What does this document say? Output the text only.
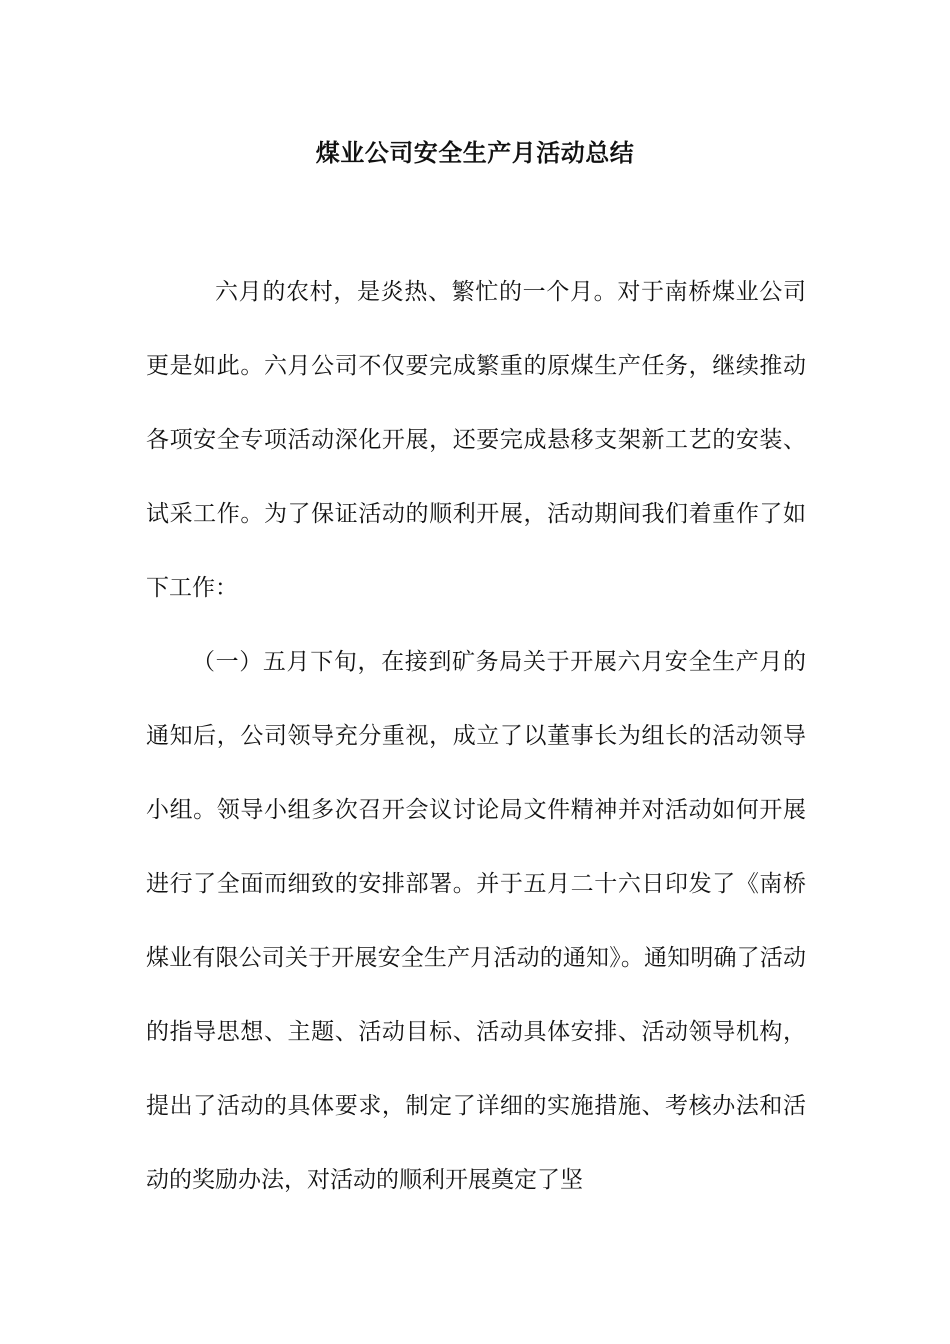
煤业公司安全生产月活动总结

六月的农村，是炎热、繁忙的一个月。对于南桥煤业公司更是如此。六月公司不仅要完成繁重的原煤生产任务，继续推动各项安全专项活动深化开展，还要完成悬移支架新工艺的安装、试采工作。为了保证活动的顺利开展，活动期间我们着重作了如下工作：

（一）五月下旬，在接到矿务局关于开展六月安全生产月的通知后，公司领导充分重视，成立了以董事长为组长的活动领导小组。领导小组多次召开会议讨论局文件精神并对活动如何开展进行了全面而细致的安排部署。并于五月二十六日印发了《南桥煤业有限公司关于开展安全生产月活动的通知》。通知明确了活动的指导思想、主题、活动目标、活动具体安排、活动领导机构，提出了活动的具体要求，制定了详细的实施措施、考核办法和活动的奖励办法，对活动的顺利开展奠定了坚
